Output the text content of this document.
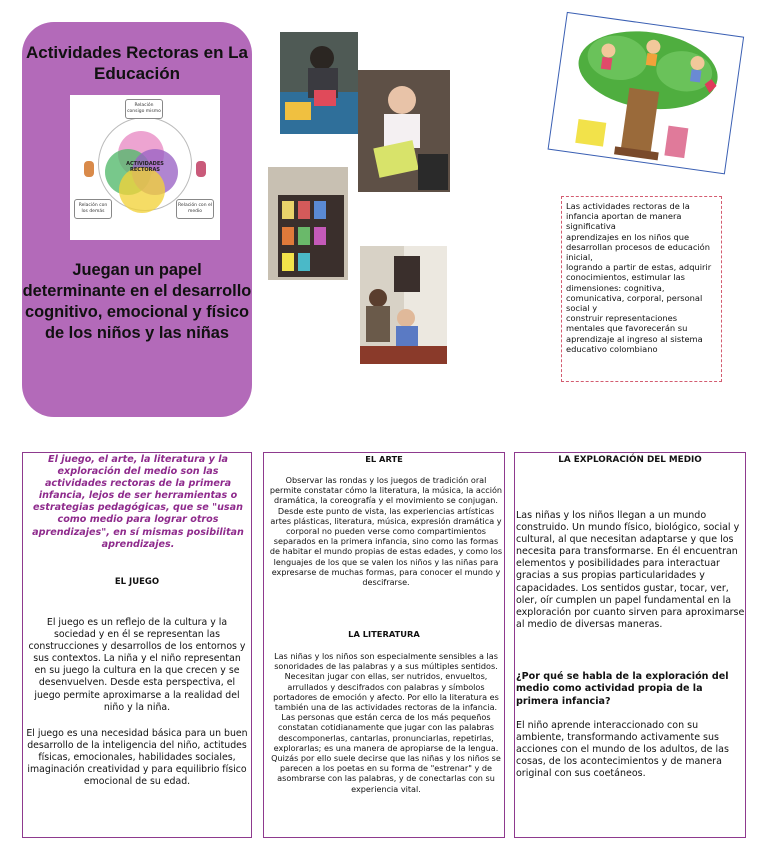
Actividades Rectoras en La Educación
ACTIVIDADES RECTORAS
Relación consigo mismo
Relación con los demás
Relación con el medio
Juegan un papel determinante en el desarrollo cognitivo, emocional y físico de los niños y las niñas

Las actividades rectoras de la infancia aportan de manera significativa

aprendizajes en los niños que desarrollan procesos de educación inicial,

logrando a partir de estas, adquirir conocimientos, estimular las dimensiones: cognitiva, comunicativa, corporal, personal social y

construir representaciones mentales que favorecerán su aprendizaje al ingreso al sistema educativo colombiano

El juego, el arte, la literatura y la exploración del medio son las actividades rectoras de la primera infancia, lejos de ser herramientas o estrategias pedagógicas, que se "usan como medio para lograr otros aprendizajes", en sí mismas posibilitan aprendizajes.
EL JUEGO
El juego es un reflejo de la cultura y la sociedad y en él se representan las construcciones y desarrollos de los entornos y sus contextos. La niña y el niño representan en su juego la cultura en la que crecen y se desenvuelven. Desde esta perspectiva, el juego permite aproximarse a la realidad del niño y la niña.
El juego es una necesidad básica para un buen desarrollo de la inteligencia del niño, actitudes físicas, emocionales, habilidades sociales, imaginación creatividad y para equilibrio físico emocional de su edad.
EL ARTE
Observar las rondas y los juegos de tradición oral permite constatar cómo la literatura, la música, la acción dramática, la coreografía y el movimiento se conjugan. Desde este punto de vista, las experiencias artísticas artes plásticas, literatura, música, expresión dramática y corporal no pueden verse como compartimientos separados en la primera infancia, sino como las formas de habitar el mundo propias de estas edades, y como los lenguajes de los que se valen los niños y las niñas para expresarse de muchas formas, para conocer el mundo y descifrarse.
LA LITERATURA
Las niñas y los niños son especialmente sensibles a las sonoridades de las palabras y a sus múltiples sentidos. Necesitan jugar con ellas, ser nutridos, envueltos, arrullados y descifrados con palabras y símbolos portadores de emoción y afecto. Por ello la literatura es también una de las actividades rectoras de la infancia. Las personas que están cerca de los más pequeños constatan cotidianamente que jugar con las palabras descomponerlas, cantarlas, pronunciarlas, repetirlas, explorarlas; es una manera de apropiarse de la lengua. Quizás por ello suele decirse que las niñas y los niños se parecen a los poetas en su forma de "estrenar" y de asombrarse con las palabras, y de conectarlas con su experiencia vital.
LA EXPLORACIÓN DEL MEDIO
Las niñas y los niños llegan a un mundo construido. Un mundo físico, biológico, social y cultural, al que necesitan adaptarse y que los necesita para transformarse. En él encuentran elementos y posibilidades para interactuar gracias a sus propias particularidades y capacidades. Los sentidos gustar, tocar, ver, oler, oír cumplen un papel fundamental en la exploración por cuanto sirven para aproximarse al medio de diversas maneras.
¿Por qué se habla de la exploración del medio como actividad propia de la primera infancia?
El niño aprende interaccionado con su ambiente, transformando activamente sus acciones con el mundo de los adultos, de las cosas, de los acontecimientos y de manera original con sus coetáneos.
